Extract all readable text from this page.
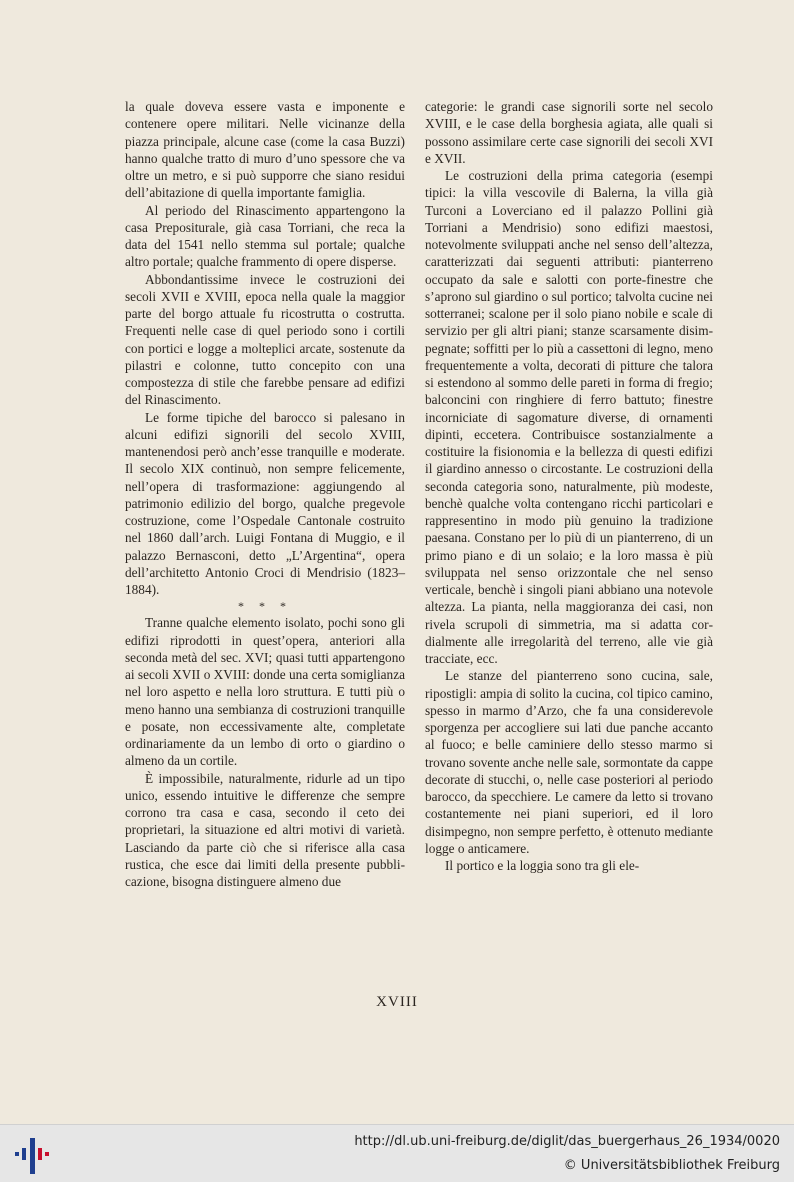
la quale doveva essere vasta e imponente e contenere opere militari. Nelle vicinanze della piazza principale, alcune case (come la casa Buzzi) hanno qualche tratto di muro d’uno spessore che va oltre un metro, e si può supporre che siano residui dell’abitazione di quella importante famiglia.

Al periodo del Rinascimento appartengono la casa Prepositurale, già casa Torriani, che reca la data del 1541 nello stemma sul portale; qualche altro portale; qualche frammento di opere disperse.

Abbondantissime invece le costruzioni dei secoli XVII e XVIII, epoca nella quale la maggior parte del borgo attuale fu ricostrutta o costrutta. Frequenti nelle case di quel periodo sono i cortili con portici e logge a molteplici arcate, sostenute da pilastri e colonne, tutto concepito con una compostezza di stile che farebbe pensare ad edifizi del Rinascimento.

Le forme tipiche del barocco si palesano in alcuni edifizi signorili del secolo XVIII, mantenendosi però anch’esse tranquille e moderate. Il secolo XIX continuò, non sempre felicemente, nell’opera di trasformazione: aggiungendo al patrimonio edilizio del borgo, qualche pregevole costruzione, come l’Ospedale Cantonale costruito nel 1860 dall’arch. Luigi Fontana di Muggio, e il palazzo Bernasconi, detto „L’Argentina“, opera dell’architetto Antonio Croci di Mendrisio (1823–1884).

* * *

Tranne qualche elemento isolato, pochi sono gli edifizi riprodotti in quest’opera, anteriori alla seconda metà del sec. XVI; quasi tutti appartengono ai secoli XVII o XVIII: donde una certa somiglianza nel loro aspetto e nella loro struttura. E tutti più o meno hanno una sembianza di costruzioni tranquille e posate, non eccessivamente alte, completate ordinariamente da un lembo di orto o giardino o almeno da un cortile.

È impossibile, naturalmente, ridurle ad un tipo unico, essendo intuitive le differenze che sempre corrono tra casa e casa, secondo il ceto dei proprietari, la situazione ed altri motivi di varietà. Lasciando da parte ciò che si riferisce alla casa rustica, che esce dai limiti della presente pubblicazione, bisogna distinguere almeno due

categorie: le grandi case signorili sorte nel secolo XVIII, e le case della borghesia agiata, alle quali si possono assimilare certe case signorili dei secoli XVI e XVII.

Le costruzioni della prima categoria (esempi tipici: la villa vescovile di Balerna, la villa già Turconi a Loverciano ed il palazzo Pollini già Torriani a Mendrisio) sono edifizi maestosi, notevolmente sviluppati anche nel senso dell’altezza, caratterizzati dai seguenti attributi: pianterreno occupato da sale e salotti con porte-finestre che s’aprono sul giardino o sul portico; talvolta cucine nei sotterranei; scalone per il solo piano nobile e scale di servizio per gli altri piani; stanze scarsamente disimpegnate; soffitti per lo più a cassettoni di legno, meno frequentemente a volta, decorati di pitture che talora si estendono al sommo delle pareti in forma di fregio; balconcini con ringhiere di ferro battuto; finestre incorniciate di sagomature diverse, di ornamenti dipinti, eccetera. Contribuisce sostanzialmente a costituire la fisionomia e la bellezza di questi edifizi il giardino annesso o circostante. Le costruzioni della seconda categoria sono, naturalmente, più modeste, benchè qualche volta contengano ricchi particolari e rappresentino in modo più genuino la tradizione paesana. Constano per lo più di un pianterreno, di un primo piano e di un solaio; e la loro massa è più sviluppata nel senso orizzontale che nel senso verticale, benchè i singoli piani abbiano una notevole altezza. La pianta, nella maggioranza dei casi, non rivela scrupoli di simmetria, ma si adatta cordialmente alle irregolarità del terreno, alle vie già tracciate, ecc.

Le stanze del pianterreno sono cucina, sale, ripostigli: ampia di solito la cucina, col tipico camino, spesso in marmo d’Arzo, che fa una considerevole sporgenza per accogliere sui lati due panche accanto al fuoco; e belle caminiere dello stesso marmo si trovano sovente anche nelle sale, sormontate da cappe decorate di stucchi, o, nelle case posteriori al periodo barocco, da specchiere. Le camere da letto si trovano costantemente nei piani superiori, ed il loro disimpegno, non sempre perfetto, è ottenuto mediante logge o anticamere.

Il portico e la loggia sono tra gli ele-

XVIII
http://dl.ub.uni-freiburg.de/diglit/das_buergerhaus_26_1934/0020
© Universitätsbibliothek Freiburg
